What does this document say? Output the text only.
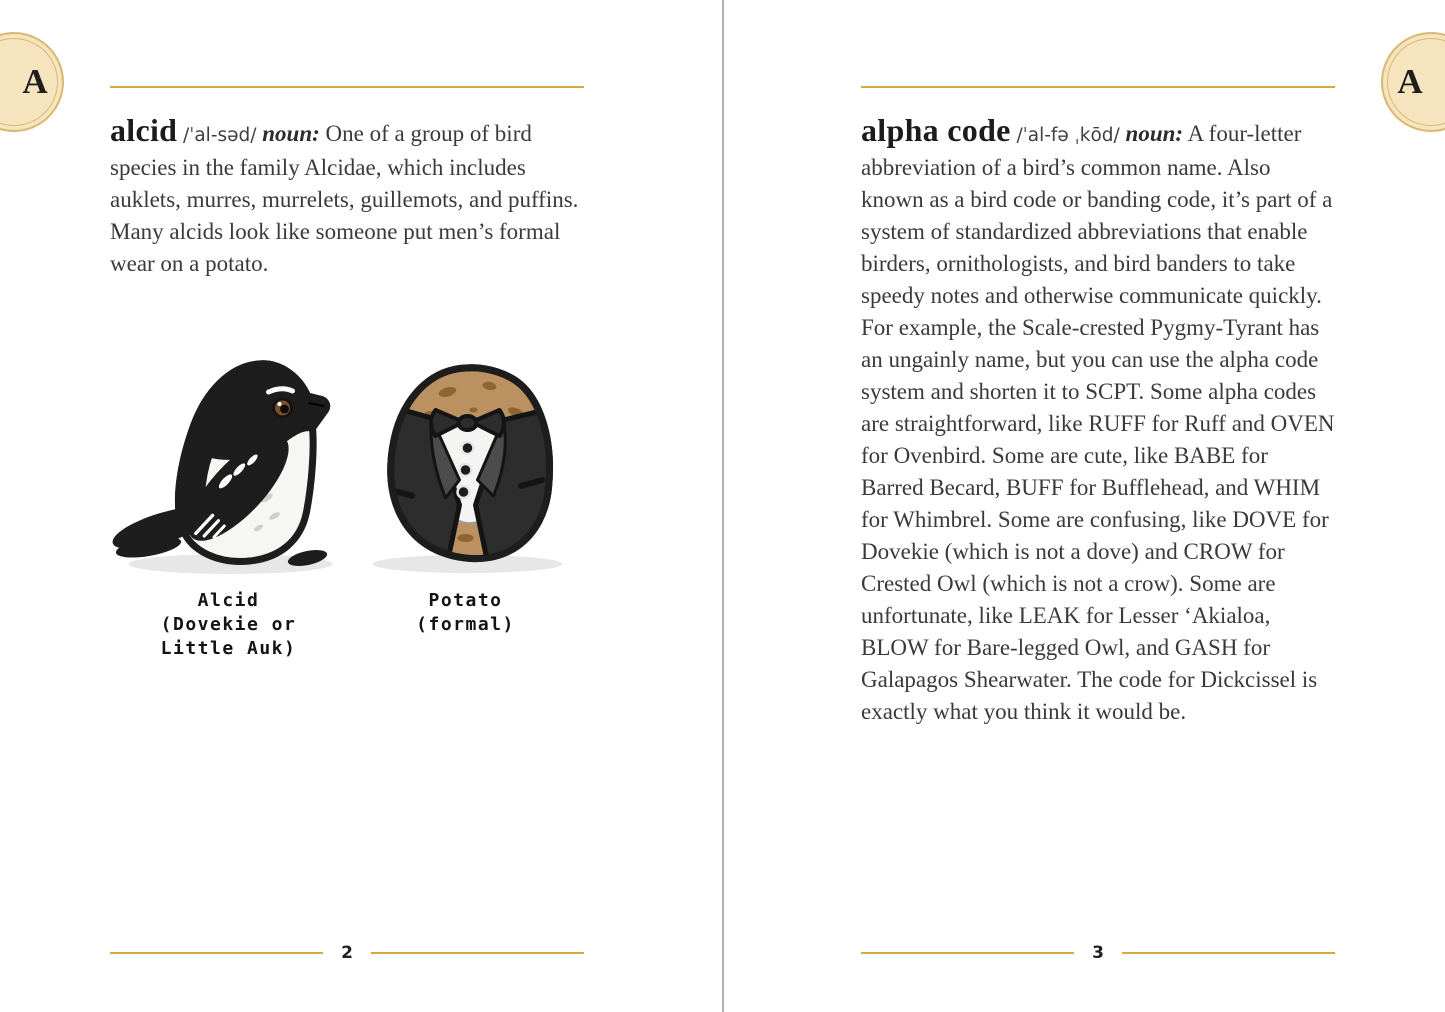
A	A

alcid /ˈal-səd/ noun: One of a group of bird species in the family Alcidae, which includes auklets, murres, murrelets, guillemots, and puffins. Many alcids look like someone put men’s formal wear on a potato.

Alcid
(Dovekie or
Little Auk)
Potato
(formal)

alpha code /ˈal-fə ˌkōd/ noun: A four-letter abbreviation of a bird’s common name. Also known as a bird code or banding code, it’s part of a system of standardized abbreviations that enable birders, ornithologists, and bird banders to take speedy notes and otherwise communicate quickly. For example, the Scale-crested Pygmy-Tyrant has an ungainly name, but you can use the alpha code system and shorten it to SCPT. Some alpha codes are straightforward, like RUFF for Ruff and OVEN for Ovenbird. Some are cute, like BABE for Barred Becard, BUFF for Bufflehead, and WHIM for Whimbrel. Some are confusing, like DOVE for Dovekie (which is not a dove) and CROW for Crested Owl (which is not a crow). Some are unfortunate, like LEAK for Lesser ‘Akialoa, BLOW for Bare-legged Owl, and GASH for Galapagos Shearwater. The code for Dickcissel is exactly what you think it would be.

2	3
